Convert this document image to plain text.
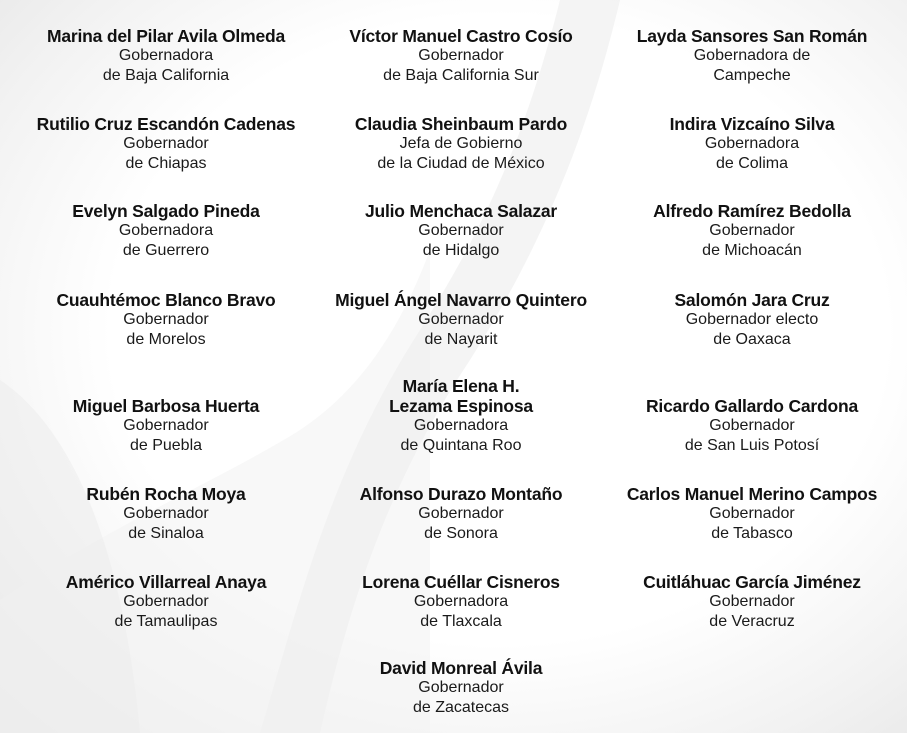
Marina del Pilar Avila Olmeda
Gobernadora
de Baja California
Víctor Manuel Castro Cosío
Gobernador
de Baja California Sur
Layda Sansores San Román
Gobernadora de
Campeche
Rutilio Cruz Escandón Cadenas
Gobernador
de Chiapas
Claudia Sheinbaum Pardo
Jefa de Gobierno
de la Ciudad de México
Indira Vizcaíno Silva
Gobernadora
de Colima
Evelyn Salgado Pineda
Gobernadora
de Guerrero
Julio Menchaca Salazar
Gobernador
de Hidalgo
Alfredo Ramírez Bedolla
Gobernador
de Michoacán
Cuauhtémoc Blanco Bravo
Gobernador
de Morelos
Miguel Ángel Navarro Quintero
Gobernador
de Nayarit
Salomón Jara Cruz
Gobernador electo
de Oaxaca
Miguel Barbosa Huerta
Gobernador
de Puebla
María Elena H.
Lezama Espinosa
Gobernadora
de Quintana Roo
Ricardo Gallardo Cardona
Gobernador
de San Luis Potosí
Rubén Rocha Moya
Gobernador
de Sinaloa
Alfonso Durazo Montaño
Gobernador
de Sonora
Carlos Manuel Merino Campos
Gobernador
de Tabasco
Américo Villarreal Anaya
Gobernador
de Tamaulipas
Lorena Cuéllar Cisneros
Gobernadora
de Tlaxcala
Cuitláhuac García Jiménez
Gobernador
de Veracruz
David Monreal Ávila
Gobernador
de Zacatecas
